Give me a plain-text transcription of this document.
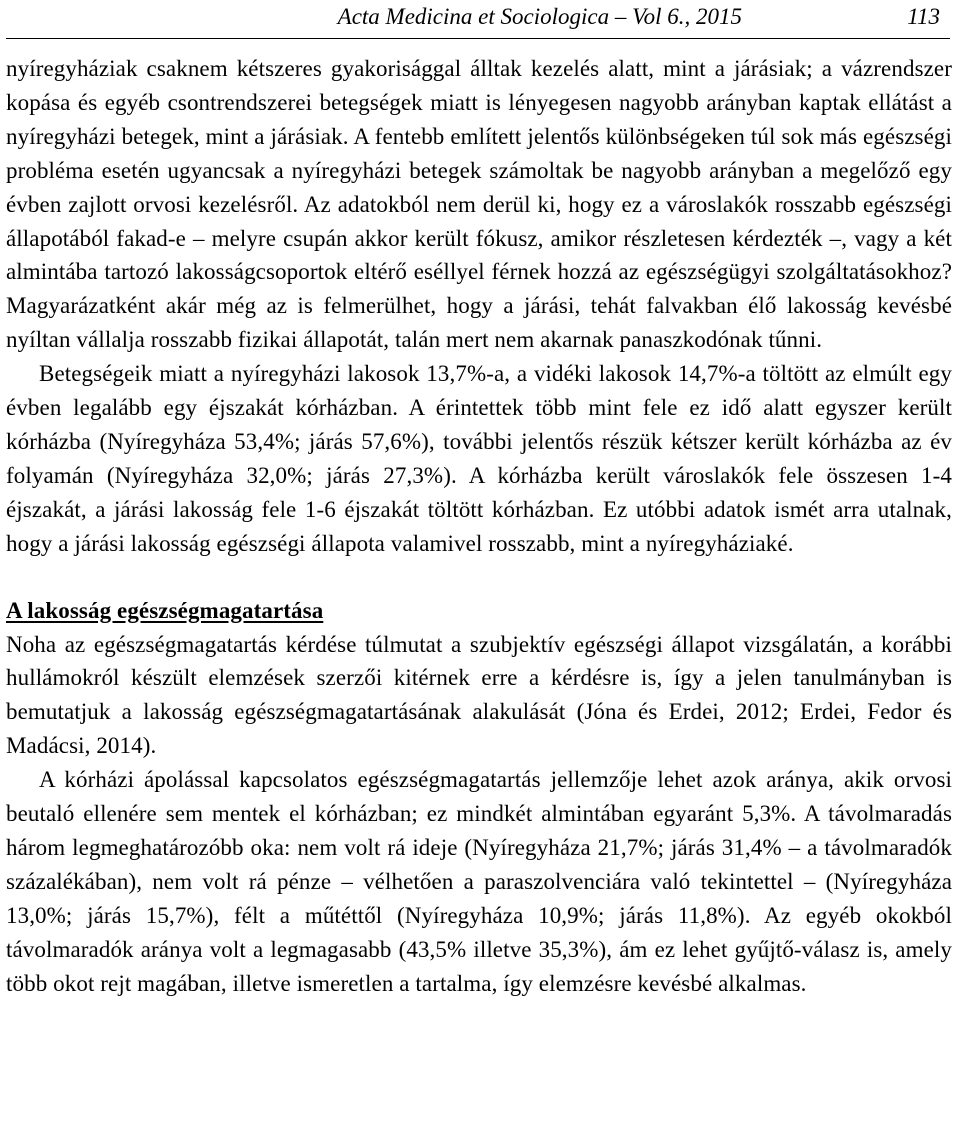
Acta Medicina et Sociologica – Vol 6., 2015	113

nyíregyháziak csaknem kétszeres gyakorisággal álltak kezelés alatt, mint a járásiak; a vázrendszer kopása és egyéb csontrendszerei betegségek miatt is lényegesen nagyobb arányban kaptak ellátást a nyíregyházi betegek, mint a járásiak. A fentebb említett jelentős különbségeken túl sok más egészségi probléma esetén ugyancsak a nyíregyházi betegek számoltak be nagyobb arányban a megelőző egy évben zajlott orvosi kezelésről. Az adatokból nem derül ki, hogy ez a városlakók rosszabb egészségi állapotából fakad-e – melyre csupán akkor került fókusz, amikor részletesen kérdezték –, vagy a két almintába tartozó lakosságcsoportok eltérő eséllyel férnek hozzá az egészségügyi szolgáltatásokhoz? Magyarázatként akár még az is felmerülhet, hogy a járási, tehát falvakban élő lakosság kevésbé nyíltan vállalja rosszabb fizikai állapotát, talán mert nem akarnak panaszkodónak tűnni.

Betegségeik miatt a nyíregyházi lakosok 13,7%-a, a vidéki lakosok 14,7%-a töltött az elmúlt egy évben legalább egy éjszakát kórházban. A érintettek több mint fele ez idő alatt egyszer került kórházba (Nyíregyháza 53,4%; járás 57,6%), további jelentős részük kétszer került kórházba az év folyamán (Nyíregyháza 32,0%; járás 27,3%). A kórházba került városlakók fele összesen 1-4 éjszakát, a járási lakosság fele 1-6 éjszakát töltött kórházban. Ez utóbbi adatok ismét arra utalnak, hogy a járási lakosság egészségi állapota valamivel rosszabb, mint a nyíregyháziaké.

A lakosság egészségmagatartása

Noha az egészségmagatartás kérdése túlmutat a szubjektív egészségi állapot vizsgálatán, a korábbi hullámokról készült elemzések szerzői kitérnek erre a kérdésre is, így a jelen tanulmányban is bemutatjuk a lakosság egészségmagatartásának alakulását (Jóna és Erdei, 2012; Erdei, Fedor és Madácsi, 2014).

A kórházi ápolással kapcsolatos egészségmagatartás jellemzője lehet azok aránya, akik orvosi beutaló ellenére sem mentek el kórházban; ez mindkét almintában egyaránt 5,3%. A távolmaradás három legmeghatározóbb oka: nem volt rá ideje (Nyíregyháza 21,7%; járás 31,4% – a távolmaradók százalékában), nem volt rá pénze – vélhetően a paraszolvenciára való tekintettel – (Nyíregyháza 13,0%; járás 15,7%), félt a műtéttől (Nyíregyháza 10,9%; járás 11,8%). Az egyéb okokból távolmaradók aránya volt a legmagasabb (43,5% illetve 35,3%), ám ez lehet gyűjtő-válasz is, amely több okot rejt magában, illetve ismeretlen a tartalma, így elemzésre kevésbé alkalmas.
